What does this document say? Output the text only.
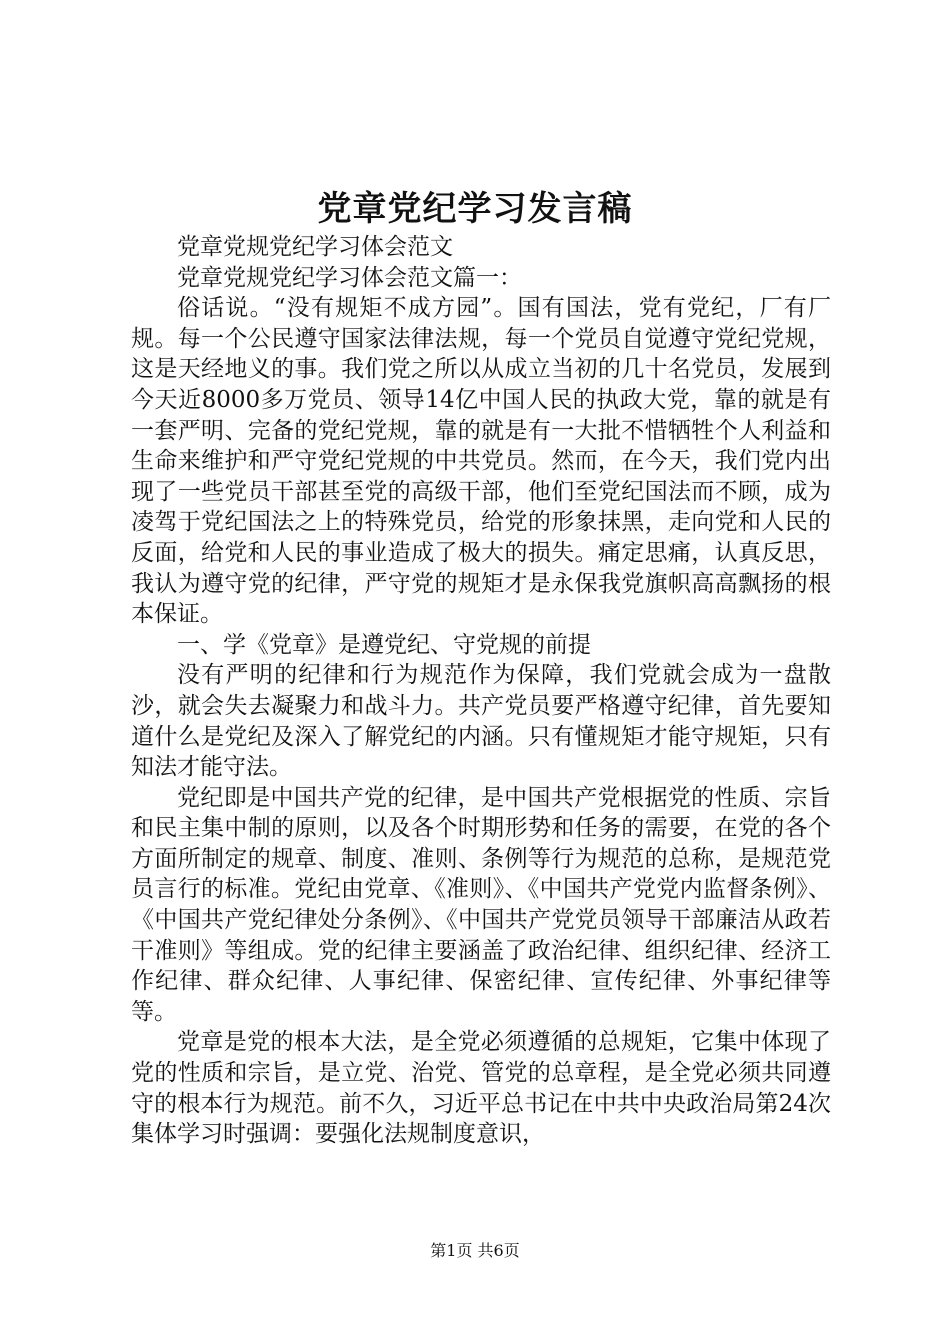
党章党纪学习发言稿

党章党规党纪学习体会范文

党章党规党纪学习体会范文篇一：

俗话说。“没有规矩不成方园”。国有国法，党有党纪，厂有厂规。每一个公民遵守国家法律法规，每一个党员自觉遵守党纪党规，这是天经地义的事。我们党之所以从成立当初的几十名党员，发展到今天近8000多万党员、领导14亿中国人民的执政大党，靠的就是有一套严明、完备的党纪党规，靠的就是有一大批不惜牺牲个人利益和生命来维护和严守党纪党规的中共党员。然而，在今天，我们党内出现了一些党员干部甚至党的高级干部，他们至党纪国法而不顾，成为凌驾于党纪国法之上的特殊党员，给党的形象抹黑，走向党和人民的反面，给党和人民的事业造成了极大的损失。痛定思痛，认真反思，我认为遵守党的纪律，严守党的规矩才是永保我党旗帜高高飘扬的根本保证。

一、学《党章》是遵党纪、守党规的前提

没有严明的纪律和行为规范作为保障，我们党就会成为一盘散沙，就会失去凝聚力和战斗力。共产党员要严格遵守纪律，首先要知道什么是党纪及深入了解党纪的内涵。只有懂规矩才能守规矩，只有知法才能守法。

党纪即是中国共产党的纪律，是中国共产党根据党的性质、宗旨和民主集中制的原则，以及各个时期形势和任务的需要，在党的各个方面所制定的规章、制度、准则、条例等行为规范的总称，是规范党员言行的标准。党纪由党章、《准则》、《中国共产党党内监督条例》、《中国共产党纪律处分条例》、《中国共产党党员领导干部廉洁从政若干准则》等组成。党的纪律主要涵盖了政治纪律、组织纪律、经济工作纪律、群众纪律、人事纪律、保密纪律、宣传纪律、外事纪律等等。

党章是党的根本大法，是全党必须遵循的总规矩，它集中体现了党的性质和宗旨，是立党、治党、管党的总章程，是全党必须共同遵守的根本行为规范。前不久，习近平总书记在中共中央政治局第24次集体学习时强调：要强化法规制度意识，

第1页 共6页
